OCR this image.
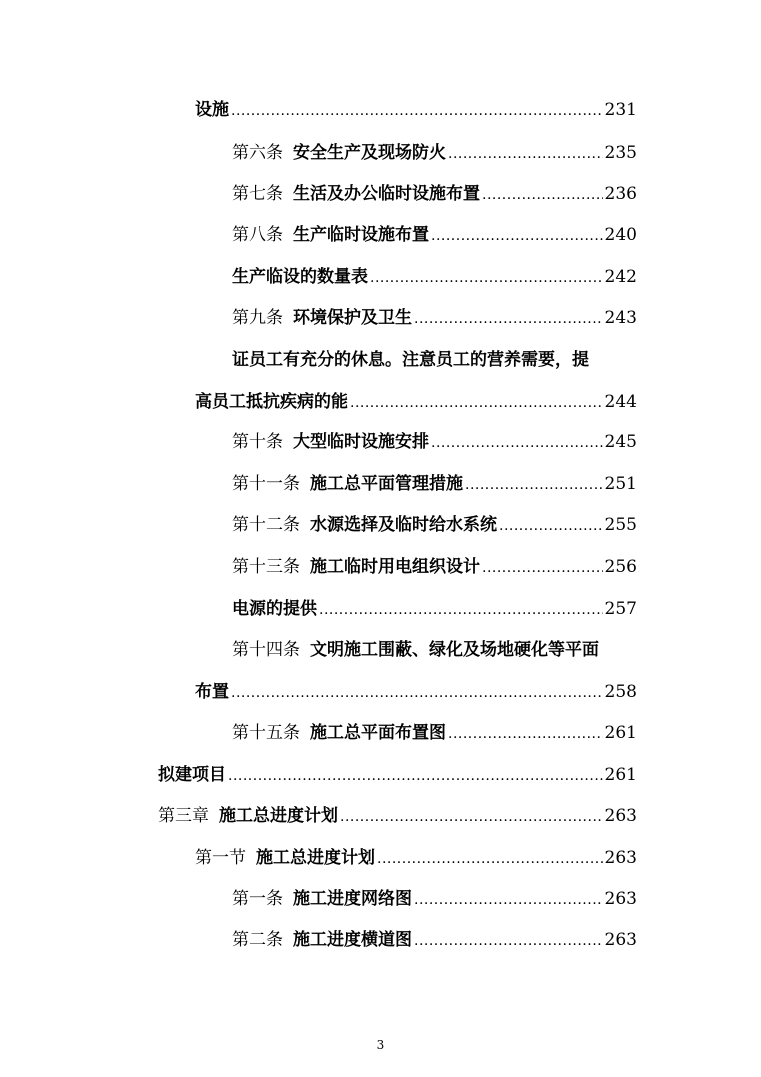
设施 .....	231
第六条 安全生产及现场防火 .....	235
第七条 生活及办公临时设施布置 .....	236
第八条 生产临时设施布置 .....	240
生产临设的数量表 .....	242
第九条 环境保护及卫生 .....	243
证员工有充分的休息。注意员工的营养需要，提
高员工抵抗疾病的能 .....	244
第十条 大型临时设施安排 .....	245
第十一条 施工总平面管理措施 .....	251
第十二条 水源选择及临时给水系统 .....	255
第十三条 施工临时用电组织设计 .....	256
电源的提供 .....	257
第十四条 文明施工围蔽、绿化及场地硬化等平面
布置 .....	258
第十五条 施工总平面布置图 .....	261
拟建项目 .....	261
第三章 施工总进度计划 .....	263
第一节 施工总进度计划 .....	263
第一条 施工进度网络图 .....	263
第二条 施工进度横道图 .....	263
3
